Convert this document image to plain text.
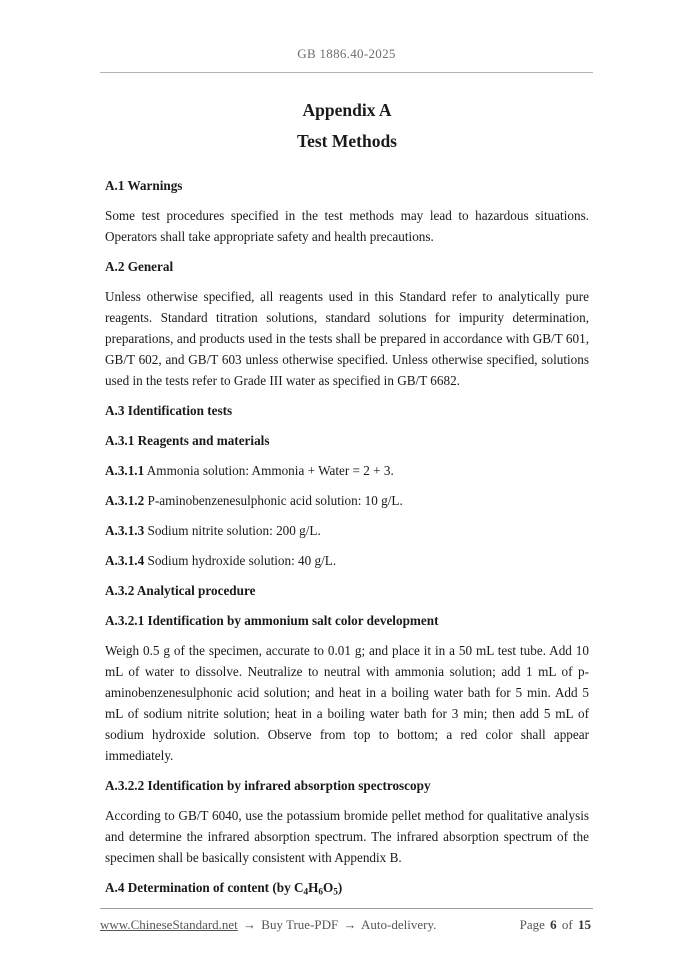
GB 1886.40-2025
Appendix A
Test Methods
A.1 Warnings

Some test procedures specified in the test methods may lead to hazardous situations. Operators shall take appropriate safety and health precautions.

A.2 General

Unless otherwise specified, all reagents used in this Standard refer to analytically pure reagents. Standard titration solutions, standard solutions for impurity determination, preparations, and products used in the tests shall be prepared in accordance with GB/T 601, GB/T 602, and GB/T 603 unless otherwise specified. Unless otherwise specified, solutions used in the tests refer to Grade III water as specified in GB/T 6682.

A.3 Identification tests
A.3.1 Reagents and materials

A.3.1.1 Ammonia solution: Ammonia + Water = 2 + 3.

A.3.1.2 P-aminobenzenesulphonic acid solution: 10 g/L.

A.3.1.3 Sodium nitrite solution: 200 g/L.

A.3.1.4 Sodium hydroxide solution: 40 g/L.

A.3.2 Analytical procedure
A.3.2.1 Identification by ammonium salt color development

Weigh 0.5 g of the specimen, accurate to 0.01 g; and place it in a 50 mL test tube. Add 10 mL of water to dissolve. Neutralize to neutral with ammonia solution; add 1 mL of p-aminobenzenesulphonic acid solution; and heat in a boiling water bath for 5 min. Add 5 mL of sodium nitrite solution; heat in a boiling water bath for 3 min; then add 5 mL of sodium hydroxide solution. Observe from top to bottom; a red color shall appear immediately.

A.3.2.2 Identification by infrared absorption spectroscopy

According to GB/T 6040, use the potassium bromide pellet method for qualitative analysis and determine the infrared absorption spectrum. The infrared absorption spectrum of the specimen shall be basically consistent with Appendix B.

A.4 Determination of content (by $C_4H_6O_5$)
www.ChineseStandard.net → Buy True-PDF → Auto-delivery.	Page 6 of 15
